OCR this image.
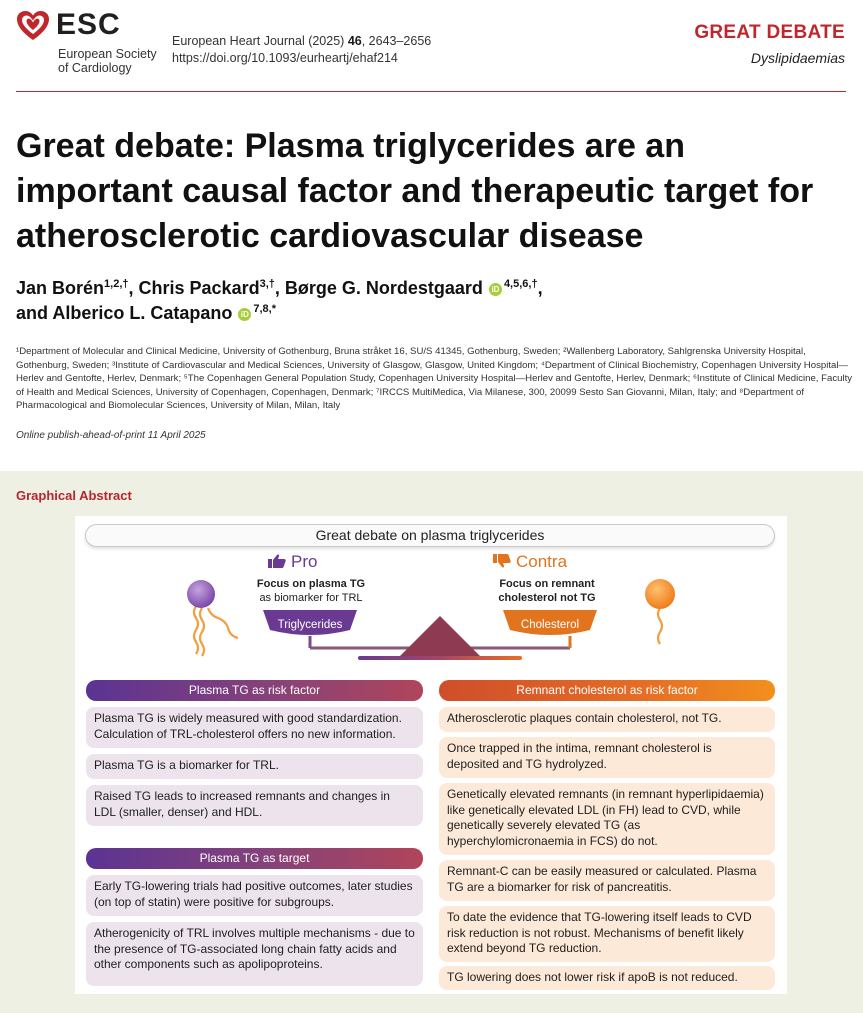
ESC
European Society
of Cardiology
European Heart Journal (2025) 46, 2643–2656
https://doi.org/10.1093/eurheartj/ehaf214
GREAT DEBATE
Dyslipidaemias
Great debate: Plasma triglycerides are an important causal factor and therapeutic target for atherosclerotic cardiovascular disease
Jan Borén$^{1,2,\dagger}$, Chris Packard$^{3,\dagger}$, Børge G. Nordestgaard iD $^{4,5,6,\dagger}$,
and Alberico L. Catapano iD $^{7,8,*}$
¹Department of Molecular and Clinical Medicine, University of Gothenburg, Bruna stråket 16, SU/S 41345, Gothenburg, Sweden; ²Wallenberg Laboratory, Sahlgrenska University Hospital, Gothenburg, Sweden; ³Institute of Cardiovascular and Medical Sciences, University of Glasgow, Glasgow, United Kingdom; ⁴Department of Clinical Biochemistry, Copenhagen University Hospital—Herlev and Gentofte, Herlev, Denmark; ⁵The Copenhagen General Population Study, Copenhagen University Hospital—Herlev and Gentofte, Herlev, Denmark; ⁶Institute of Clinical Medicine, Faculty of Health and Medical Sciences, University of Copenhagen, Copenhagen, Denmark; ⁷IRCCS MultiMedica, Via Milanese, 300, 20099 Sesto San Giovanni, Milan, Italy; and ⁸Department of Pharmacological and Biomolecular Sciences, University of Milan, Milan, Italy
Online publish-ahead-of-print 11 April 2025
Graphical Abstract
Great debate on plasma triglycerides
Pro	Contra
Focus on plasma TG
as biomarker for TRL
Focus on remnant
cholesterol not TG
Triglycerides	Cholesterol
Plasma TG as risk factor
Plasma TG is widely measured with good standardization. Calculation of TRL-cholesterol offers no new information.
Plasma TG is a biomarker for TRL.
Raised TG leads to increased remnants and changes in LDL (smaller, denser) and HDL.
Plasma TG as target
Early TG-lowering trials had positive outcomes, later studies (on top of statin) were positive for subgroups.
Atherogenicity of TRL involves multiple mechanisms - due to the presence of TG-associated long chain fatty acids and other components such as apolipoproteins.
Remnant cholesterol as risk factor
Atherosclerotic plaques contain cholesterol, not TG.
Once trapped in the intima, remnant cholesterol is deposited and TG hydrolyzed.
Genetically elevated remnants (in remnant hyperlipidaemia) like genetically elevated LDL (in FH) lead to CVD, while genetically severely elevated TG (as hyperchylomicronaemia in FCS) do not.
Remnant-C can be easily measured or calculated. Plasma TG are a biomarker for risk of pancreatitis.
To date the evidence that TG-lowering itself leads to CVD risk reduction is not robust. Mechanisms of benefit likely extend beyond TG reduction.
TG lowering does not lower risk if apoB is not reduced.
